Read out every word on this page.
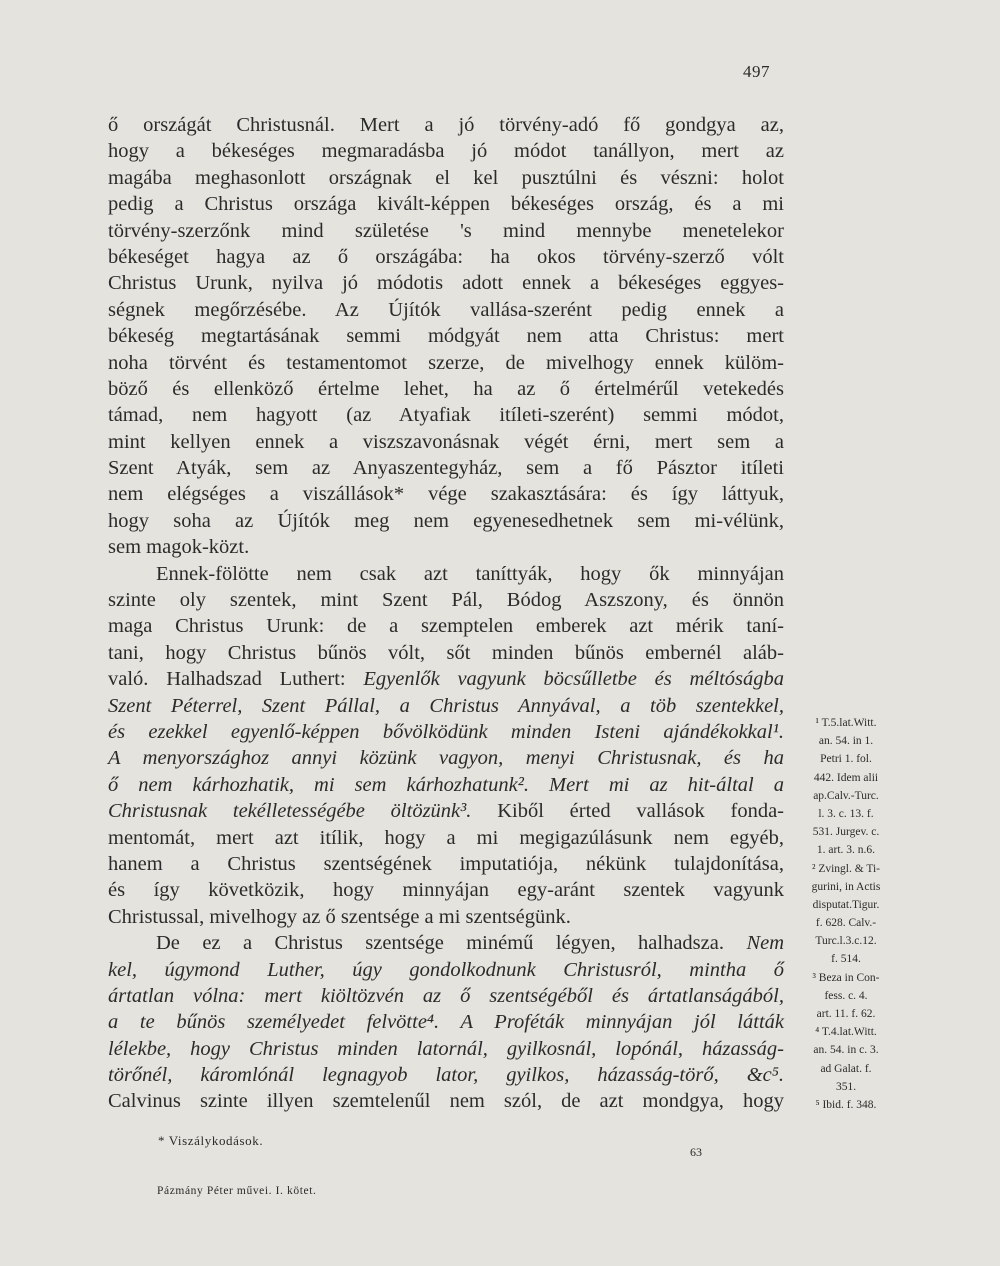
497
ő országát Christusnál. Mert a jó törvény-adó fő gondgya az,
hogy a békeséges megmaradásba jó módot tanállyon, mert az
magába meghasonlott országnak el kel pusztúlni és vészni: holot
pedig a Christus országa kivált-képpen békeséges ország, és a mi
törvény-szerzőnk mind születése 's mind mennybe menetelekor
békeséget hagya az ő országába: ha okos törvény-szerző vólt
Christus Urunk, nyilva jó módotis adott ennek a békeséges eggyes-
ségnek megőrzésébe. Az Újítók vallása-szerént pedig ennek a
békeség megtartásának semmi módgyát nem atta Christus: mert
noha törvént és testamentomot szerze, de mivelhogy ennek külöm-
böző és ellenköző értelme lehet, ha az ő értelmérűl vetekedés
támad, nem hagyott (az Atyafiak itíleti-szerént) semmi módot,
mint kellyen ennek a viszszavonásnak végét érni, mert sem a
Szent Atyák, sem az Anyaszentegyház, sem a fő Pásztor itíleti
nem elégséges a viszállások* vége szakasztására: és így láttyuk,
hogy soha az Újítók meg nem egyenesedhetnek sem mi-vélünk,
sem magok-közt.
Ennek-fölötte nem csak azt taníttyák, hogy ők minnyájan
szinte oly szentek, mint Szent Pál, Bódog Aszszony, és önnön
maga Christus Urunk: de a szemptelen emberek azt mérik taní-
tani, hogy Christus bűnös vólt, sőt minden bűnös embernél aláb-
való. Halhadszad Luthert: Egyenlők vagyunk böcsűlletbe és méltóságba
Szent Péterrel, Szent Pállal, a Christus Annyával, a töb szentekkel,
és ezekkel egyenlő-képpen bővölködünk minden Isteni ajándékokkal¹.
A menyországhoz annyi közünk vagyon, menyi Christusnak, és ha
ő nem kárhozhatik, mi sem kárhozhatunk². Mert mi az hit-által a
Christusnak tekélletességébe öltözünk³. Kiből érted vallások fonda-
mentomát, mert azt itílik, hogy a mi megigazúlásunk nem egyéb,
hanem a Christus szentségének imputatiója, nékünk tulajdonítása,
és így követközik, hogy minnyájan egy-aránt szentek vagyunk
Christussal, mivelhogy az ő szentsége a mi szentségünk.
De ez a Christus szentsége minémű légyen, halhadsza. Nem
kel, úgymond Luther, úgy gondolkodnunk Christusról, mintha ő
ártatlan vólna: mert kiöltözvén az ő szentségéből és ártatlanságából,
a te bűnös személyedet felvötte⁴. A Proféták minnyájan jól látták
lélekbe, hogy Christus minden latornál, gyilkosnál, lopónál, házasság-
törőnél, káromlónál legnagyob lator, gyilkos, házasság-törő, &c⁵.
Calvinus szinte illyen szemtelenűl nem szól, de azt mondgya, hogy
¹ T.5.lat.Witt.
an. 54. in 1.
Petri 1. fol.
442. Idem alii
ap.Calv.-Turc.
l. 3. c. 13. f.
531. Jurgev. c.
1. art. 3. n.6.
² Zvingl. & Ti-
gurini, in Actis
disputat.Tigur.
f. 628. Calv.-
Turc.l.3.c.12.
f. 514.
³ Beza in Con-
fess. c. 4.
art. 11. f. 62.
⁴ T.4.lat.Witt.
an. 54. in c. 3.
ad Galat. f.
351.
⁵ Ibid. f. 348.
* Viszálykodások.
63
Pázmány Péter művei. I. kötet.
